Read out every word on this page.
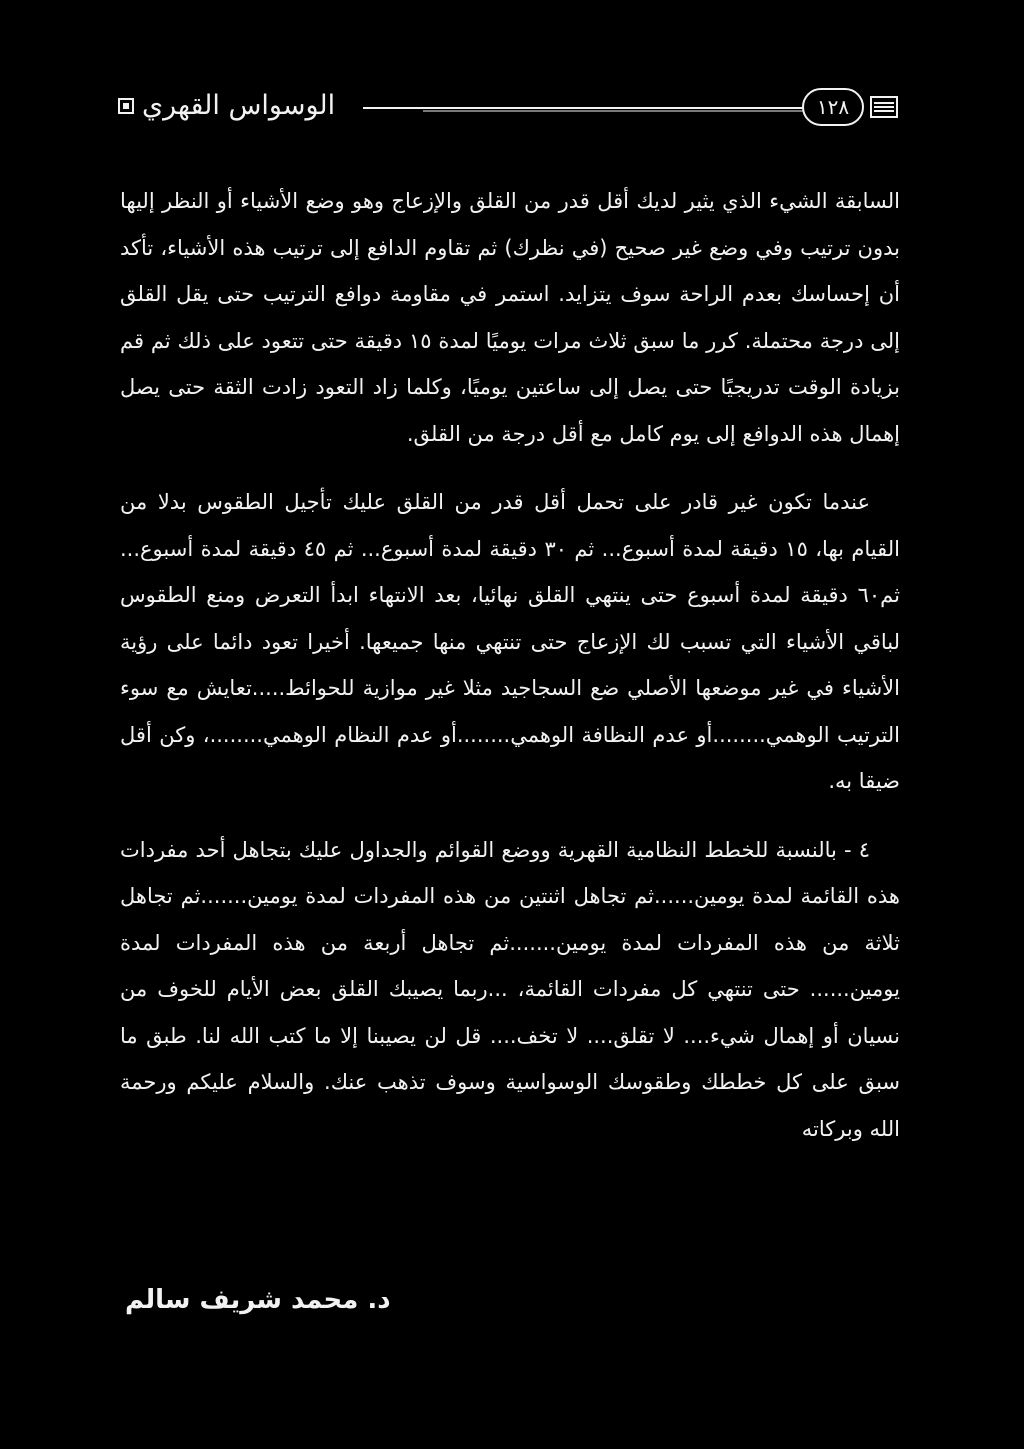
الوسواس القهري	١٢٨

السابقة الشيء الذي يثير لديك أقل قدر من القلق والإزعاج وهو وضع الأشياء أو النظر إليها بدون ترتيب وفي وضع غير صحيح (في نظرك) ثم تقاوم الدافع إلى ترتيب هذه الأشياء، تأكد أن إحساسك بعدم الراحة سوف يتزايد. استمر في مقاومة دوافع الترتيب حتى يقل القلق إلى درجة محتملة. كرر ما سبق ثلاث مرات يوميًا لمدة ١٥ دقيقة حتى تتعود على ذلك ثم قم بزيادة الوقت تدريجيًا حتى يصل إلى ساعتين يوميًا، وكلما زاد التعود زادت الثقة حتى يصل إهمال هذه الدوافع إلى يوم كامل مع أقل درجة من القلق.

عندما تكون غير قادر على تحمل أقل قدر من القلق عليك تأجيل الطقوس بدلا من القيام بها، ١٥ دقيقة لمدة أسبوع... ثم ٣٠ دقيقة لمدة أسبوع... ثم ٤٥ دقيقة لمدة أسبوع... ثم٦٠ دقيقة لمدة أسبوع حتى ينتهي القلق نهائيا، بعد الانتهاء ابدأ التعرض ومنع الطقوس لباقي الأشياء التي تسبب لك الإزعاج حتى تنتهي منها جميعها. أخيرا تعود دائما على رؤية الأشياء في غير موضعها الأصلي ضع السجاجيد مثلا غير موازية للحوائط.....تعايش مع سوء الترتيب الوهمي........أو عدم النظافة الوهمي........أو عدم النظام الوهمي........، وكن أقل ضيقا به.

٤ - بالنسبة للخطط النظامية القهرية ووضع القوائم والجداول عليك بتجاهل أحد مفردات هذه القائمة لمدة يومين......ثم تجاهل اثنتين من هذه المفردات لمدة يومين.......ثم تجاهل ثلاثة من هذه المفردات لمدة يومين.......ثم تجاهل أربعة من هذه المفردات لمدة يومين...... حتى تنتهي كل مفردات القائمة، ...ربما يصيبك القلق بعض الأيام للخوف من نسيان أو إهمال شيء.... لا تقلق.... لا تخف.... قل لن يصيبنا إلا ما كتب الله لنا. طبق ما سبق على كل خططك وطقوسك الوسواسية وسوف تذهب عنك. والسلام عليكم ورحمة الله وبركاته

د. محمد شريف سالم
